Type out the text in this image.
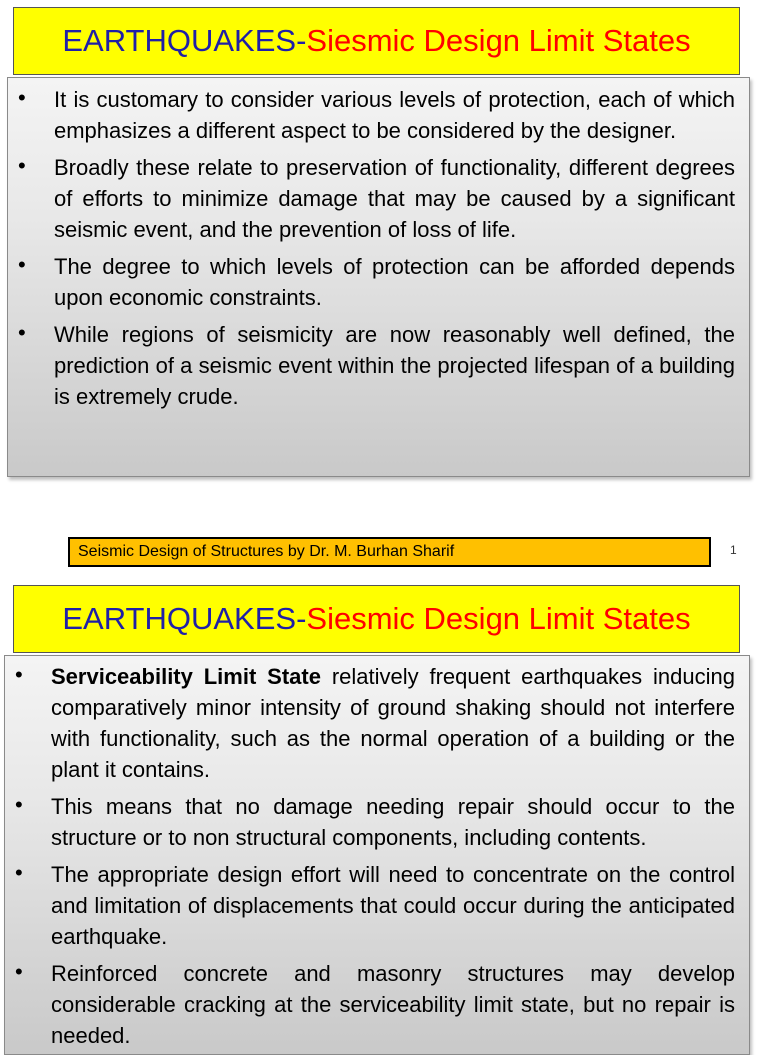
EARTHQUAKES-Siesmic Design Limit States
• It is customary to consider various levels of protection, each of which emphasizes a different aspect to be considered by the designer.
• Broadly these relate to preservation of functionality, different degrees of efforts to minimize damage that may be caused by a significant seismic event, and the prevention of loss of life.
• The degree to which levels of protection can be afforded depends upon economic constraints.
• While regions of seismicity are now reasonably well defined, the prediction of a seismic event within the projected lifespan of a building is extremely crude.
Seismic Design of Structures by Dr. M. Burhan Sharif	1
EARTHQUAKES-Siesmic Design Limit States
• Serviceability Limit State relatively frequent earthquakes inducing comparatively minor intensity of ground shaking should not interfere with functionality, such as the normal operation of a building or the plant it contains.
• This means that no damage needing repair should occur to the structure or to non structural components, including contents.
• The appropriate design effort will need to concentrate on the control and limitation of displacements that could occur during the anticipated earthquake.
• Reinforced concrete and masonry structures may develop considerable cracking at the serviceability limit state, but no repair is needed.
